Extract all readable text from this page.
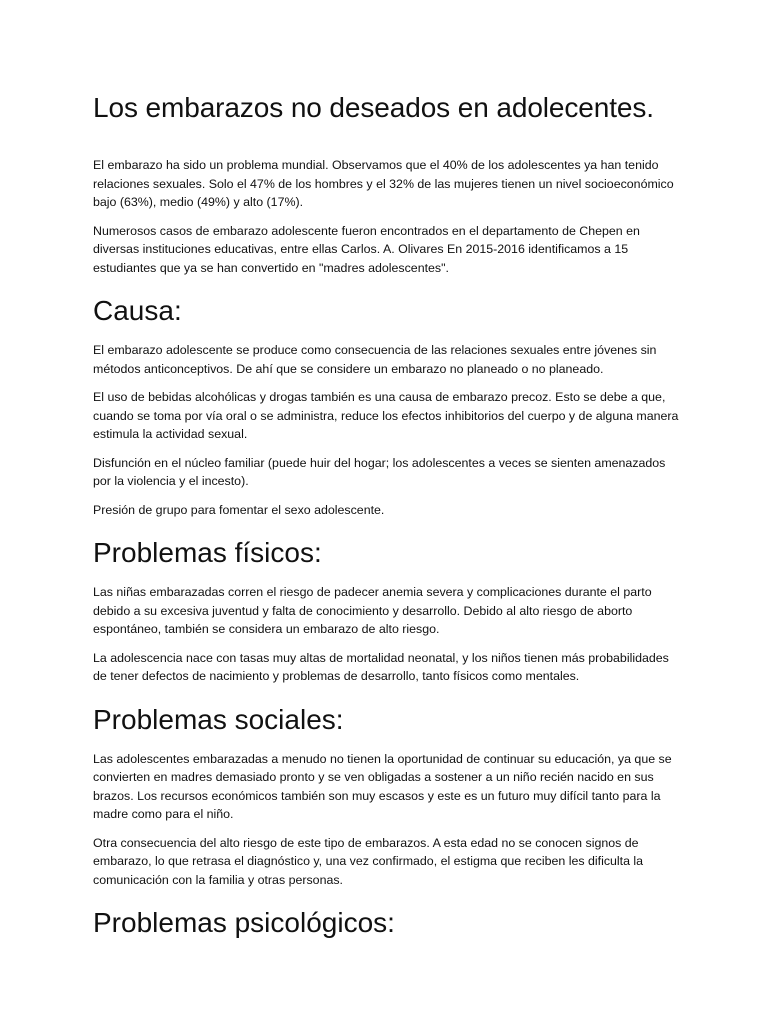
Los embarazos no deseados en adolecentes.

El embarazo ha sido un problema mundial. Observamos que el 40% de los adolescentes ya han tenido relaciones sexuales. Solo el 47% de los hombres y el 32% de las mujeres tienen un nivel socioeconómico bajo (63%), medio (49%) y alto (17%).

Numerosos casos de embarazo adolescente fueron encontrados en el departamento de Chepen en diversas instituciones educativas, entre ellas Carlos. A. Olivares En 2015-2016 identificamos a 15 estudiantes que ya se han convertido en "madres adolescentes".

Causa:

El embarazo adolescente se produce como consecuencia de las relaciones sexuales entre jóvenes sin métodos anticonceptivos. De ahí que se considere un embarazo no planeado o no planeado.

El uso de bebidas alcohólicas y drogas también es una causa de embarazo precoz. Esto se debe a que, cuando se toma por vía oral o se administra, reduce los efectos inhibitorios del cuerpo y de alguna manera estimula la actividad sexual.

Disfunción en el núcleo familiar (puede huir del hogar; los adolescentes a veces se sienten amenazados por la violencia y el incesto).

Presión de grupo para fomentar el sexo adolescente.

Problemas físicos:

Las niñas embarazadas corren el riesgo de padecer anemia severa y complicaciones durante el parto debido a su excesiva juventud y falta de conocimiento y desarrollo. Debido al alto riesgo de aborto espontáneo, también se considera un embarazo de alto riesgo.

La adolescencia nace con tasas muy altas de mortalidad neonatal, y los niños tienen más probabilidades de tener defectos de nacimiento y problemas de desarrollo, tanto físicos como mentales.

Problemas sociales:

Las adolescentes embarazadas a menudo no tienen la oportunidad de continuar su educación, ya que se convierten en madres demasiado pronto y se ven obligadas a sostener a un niño recién nacido en sus brazos. Los recursos económicos también son muy escasos y este es un futuro muy difícil tanto para la madre como para el niño.

Otra consecuencia del alto riesgo de este tipo de embarazos. A esta edad no se conocen signos de embarazo, lo que retrasa el diagnóstico y, una vez confirmado, el estigma que reciben les dificulta la comunicación con la familia y otras personas.

Problemas psicológicos:
